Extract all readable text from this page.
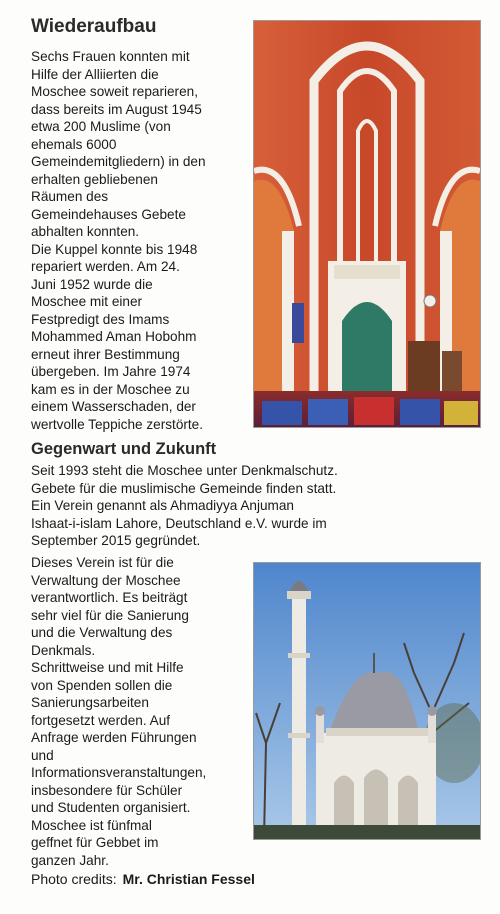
Wiederaufbau
Sechs Frauen konnten mit
Hilfe der Alliierten die
Moschee soweit reparieren,
dass bereits im August 1945
etwa 200 Muslime (von
ehemals 6000
Gemeindemitgliedern) in den
erhalten gebliebenen
Räumen des
Gemeindehauses Gebete
abhalten konnten.
Die Kuppel konnte bis 1948
repariert werden. Am 24.
Juni 1952 wurde die
Moschee mit einer
Festpredigt des Imams
Mohammed Aman Hobohm
erneut ihrer Bestimmung
übergeben. Im Jahre 1974
kam es in der Moschee zu
einem Wasserschaden, der
wertvolle Teppiche zerstörte.
Gegenwart und Zukunft
Seit 1993 steht die Moschee unter Denkmalschutz.
Gebete für die muslimische Gemeinde finden statt.
Ein Verein genannt als Ahmadiyya Anjuman
Ishaat-i-islam Lahore, Deutschland e.V. wurde im
September 2015 gegründet.
Dieses Verein ist für die
Verwaltung der Moschee
verantwortlich. Es beiträgt
sehr viel für die Sanierung
und die Verwaltung des
Denkmals.
Schrittweise und mit Hilfe
von Spenden sollen die
Sanierungsarbeiten
fortgesetzt werden. Auf
Anfrage werden Führungen
und
Informationsveranstaltungen,
insbesondere für Schüler
und Studenten organisiert.
Moschee ist fünfmal
geffnet für Gebbet im
ganzen Jahr.
Photo credits: Mr. Christian Fessel
